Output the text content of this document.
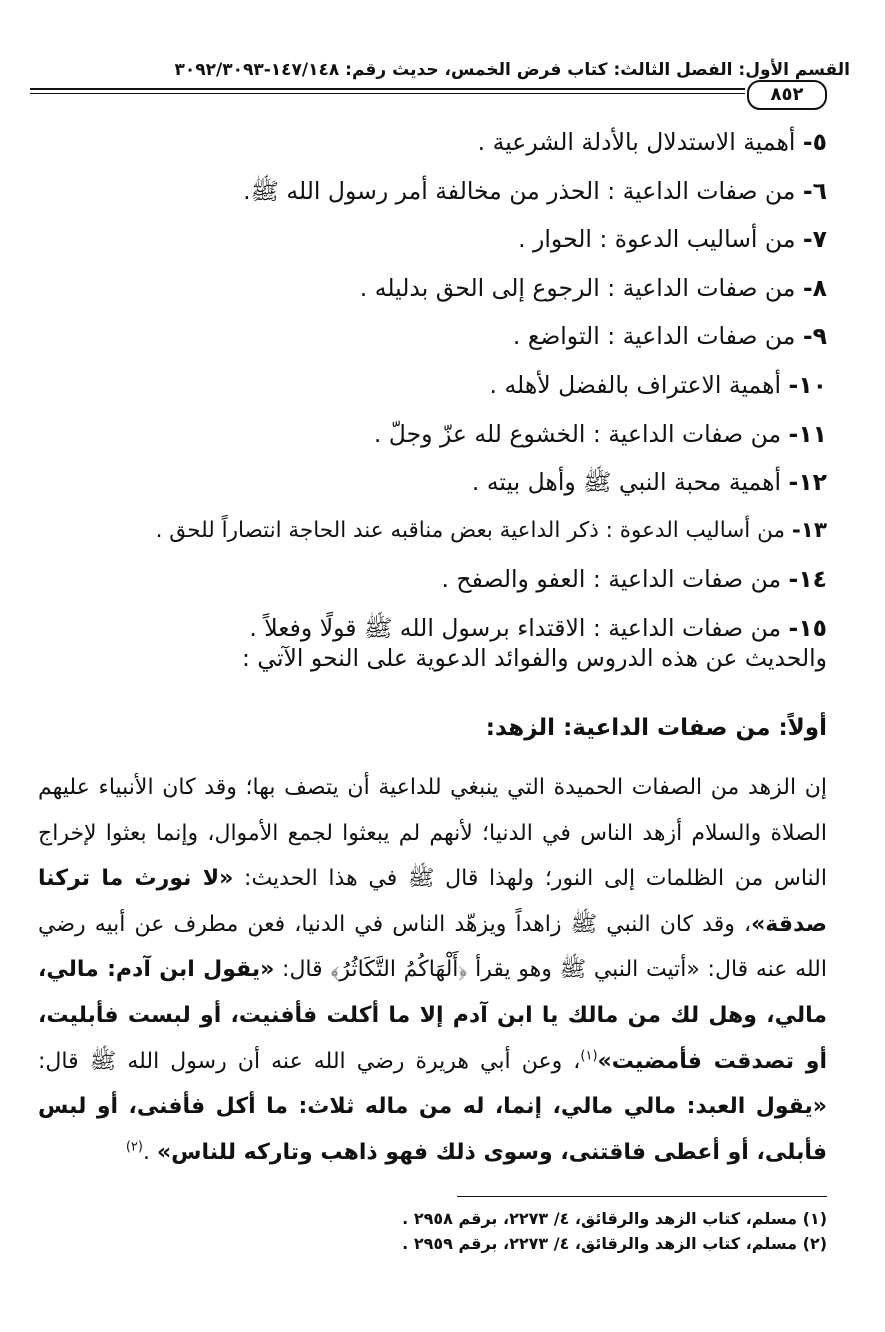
القسم الأول: الفصل الثالث: كتاب فرض الخمس، حديث رقم: ١٤٧/١٤٨-٣٠٩٢/٣٠٩٣
٨٥٢
٥- أهمية الاستدلال بالأدلة الشرعية .
٦- من صفات الداعية : الحذر من مخالفة أمر رسول الله ﷺ.
٧- من أساليب الدعوة : الحوار .
٨- من صفات الداعية : الرجوع إلى الحق بدليله .
٩- من صفات الداعية : التواضع .
١٠- أهمية الاعتراف بالفضل لأهله .
١١- من صفات الداعية : الخشوع لله عزّ وجلّ .
١٢- أهمية محبة النبي ﷺ وأهل بيته .
١٣- من أساليب الدعوة : ذكر الداعية بعض مناقبه عند الحاجة انتصاراً للحق .
١٤- من صفات الداعية : العفو والصفح .
١٥- من صفات الداعية : الاقتداء برسول الله ﷺ قولًا وفعلاً .

والحديث عن هذه الدروس والفوائد الدعوية على النحو الآتي :

أولاً: من صفات الداعية: الزهد:

إن الزهد من الصفات الحميدة التي ينبغي للداعية أن يتصف بها؛ وقد كان الأنبياء عليهم الصلاة والسلام أزهد الناس في الدنيا؛ لأنهم لم يبعثوا لجمع الأموال، وإنما بعثوا لإخراج الناس من الظلمات إلى النور؛ ولهذا قال ﷺ في هذا الحديث: «لا نورث ما تركنا صدقة»، وقد كان النبي ﷺ زاهداً ويزهّد الناس في الدنيا، فعن مطرف عن أبيه رضي الله عنه قال: «أتيت النبي ﷺ وهو يقرأ ﴿أَلْهَاكُمُ التَّكَاثُرُ﴾ قال: «يقول ابن آدم: مالي، مالي، وهل لك من مالك يا ابن آدم إلا ما أكلت فأفنيت، أو لبست فأبليت، أو تصدقت فأمضيت»$^{(١)}$، وعن أبي هريرة رضي الله عنه أن رسول الله ﷺ قال: «يقول العبد: مالي مالي، إنما، له من ماله ثلاث: ما أكل فأفنى، أو لبس فأبلى، أو أعطى فاقتنى، وسوى ذلك فهو ذاهب وتاركه للناس» .$^{(٢)}$

(١) مسلم، كتاب الزهد والرقائق، ٤/ ٢٢٧٣، برقم ٢٩٥٨ .
(٢) مسلم، كتاب الزهد والرقائق، ٤/ ٢٢٧٣، برقم ٢٩٥٩ .
